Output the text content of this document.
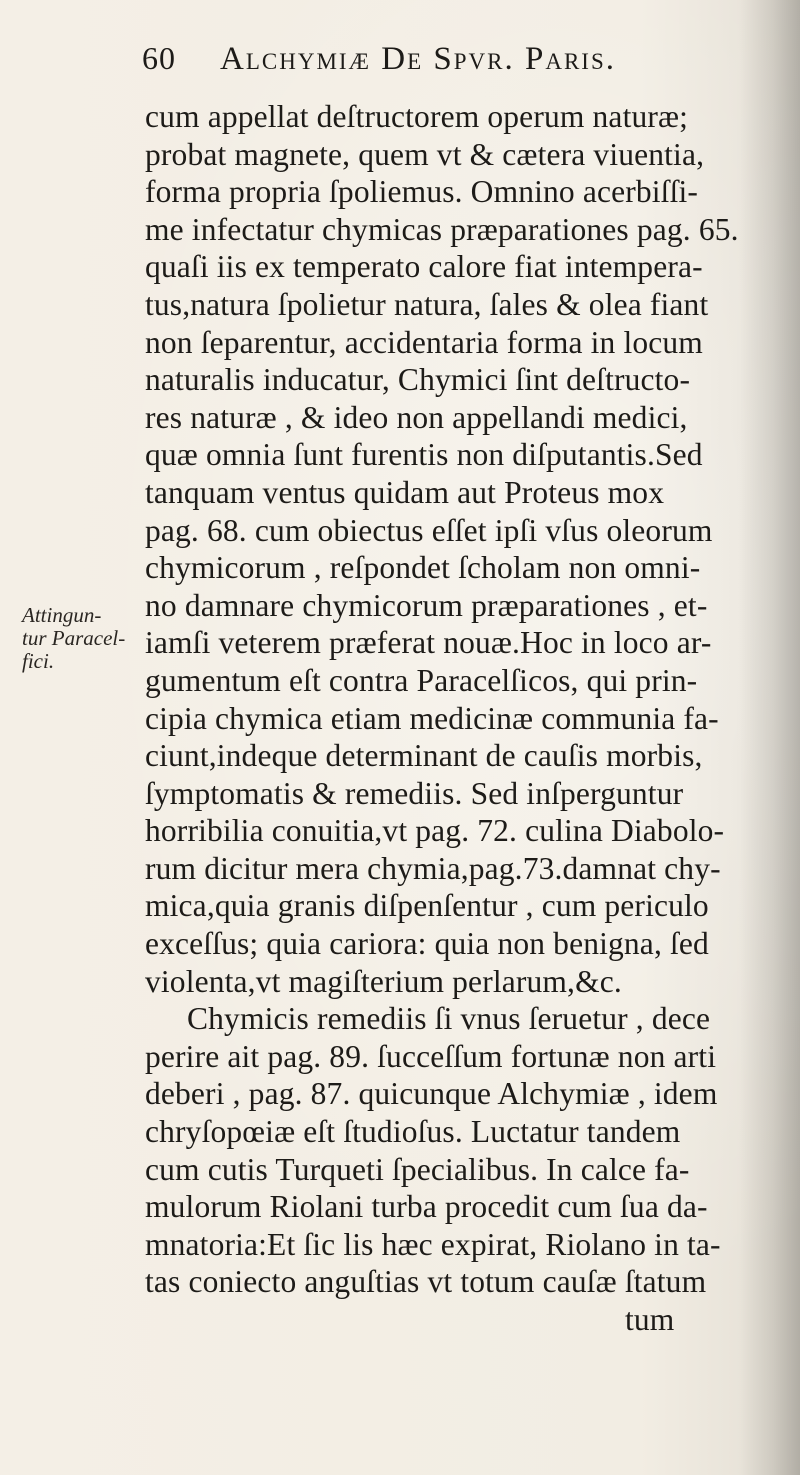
60 Alchymiæ De Spvr. Paris.
Attingun-
tur Paracel-
fici.
cum appellat deſtructorem operum naturæ;
probat magnete, quem vt & cætera viuentia,
forma propria ſpoliemus. Omnino acerbiſſi-
me infectatur chymicas præparationes pag. 65.
quaſi iis ex temperato calore fiat intempera-
tus,natura ſpolietur natura, ſales & olea fiant
non ſeparentur, accidentaria forma in locum
naturalis inducatur, Chymici ſint deſtructo-
res naturæ , & ideo non appellandi medici,
quæ omnia ſunt furentis non diſputantis.Sed
tanquam ventus quidam aut Proteus mox
pag. 68. cum obiectus eſſet ipſi vſus oleorum
chymicorum , reſpondet ſcholam non omni-
no damnare chymicorum præparationes , et-
iamſi veterem præferat nouæ.Hoc in loco ar-
gumentum eſt contra Paracelſicos, qui prin-
cipia chymica etiam medicinæ communia fa-
ciunt,indeque determinant de cauſis morbis,
ſymptomatis & remediis. Sed inſperguntur
horribilia conuitia,vt pag. 72. culina Diabolo-
rum dicitur mera chymia,pag.73.damnat chy-
mica,quia granis diſpenſentur , cum periculo
exceſſus; quia cariora: quia non benigna, ſed
violenta,vt magiſterium perlarum,&c.
Chymicis remediis ſi vnus ſeruetur , dece
perire ait pag. 89. ſucceſſum fortunæ non arti
deberi , pag. 87. quicunque Alchymiæ , idem
chryſopœiæ eſt ſtudioſus. Luctatur tandem
cum cutis Turqueti ſpecialibus. In calce fa-
mulorum Riolani turba procedit cum ſua da-
mnatoria:Et ſic lis hæc expirat, Riolano in ta-
tas coniecto anguſtias vt totum cauſæ ſtatum
tum
